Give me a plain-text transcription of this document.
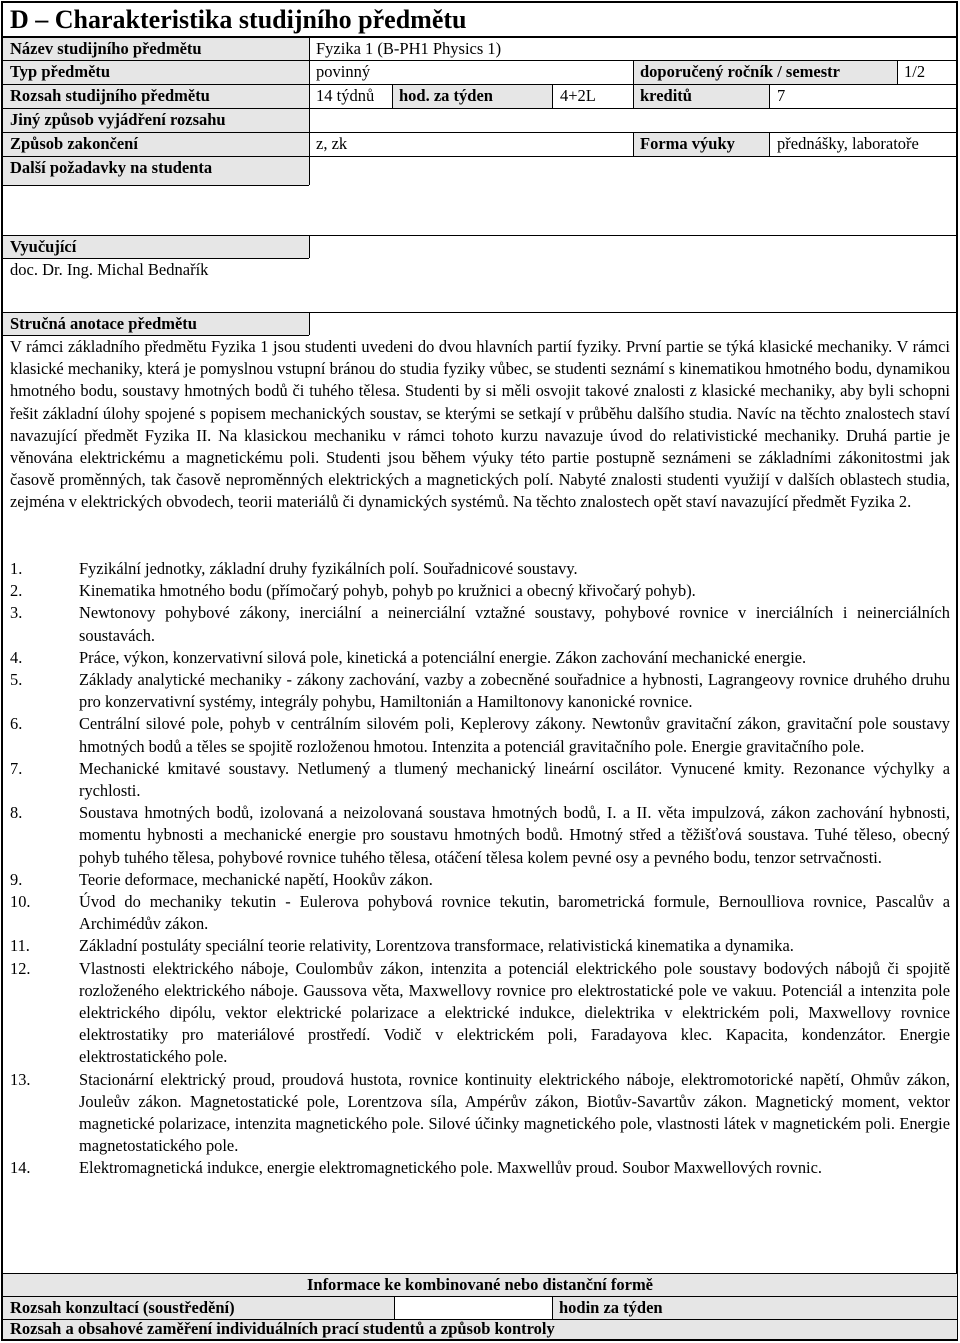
D – Charakteristika studijního předmětu
Název studijního předmětu	Fyzika 1 (B-PH1 Physics 1)
Typ předmětu	povinný	doporučený ročník / semestr	1/2
Rozsah studijního předmětu	14 týdnů hod. za týden	4+2L	kreditů	7
Jiný způsob vyjádření rozsahu
Způsob zakončení	z, zk	Forma výuky	přednášky, laboratoře
Další požadavky na studenta
Vyučující
doc. Dr. Ing. Michal Bednařík
Stručná anotace předmětu
V rámci základního předmětu Fyzika 1 jsou studenti uvedeni do dvou hlavních partií fyziky. První partie se týká klasické mechaniky. V rámci klasické mechaniky, která je pomyslnou vstupní bránou do studia fyziky vůbec, se studenti seznámí s kinematikou hmotného bodu, dynamikou hmotného bodu, soustavy hmotných bodů či tuhého tělesa. Studenti by si měli osvojit takové znalosti z klasické mechaniky, aby byli schopni řešit základní úlohy spojené s popisem mechanických soustav, se kterými se setkají v průběhu dalšího studia. Navíc na těchto znalostech staví navazující předmět Fyzika II. Na klasickou mechaniku v rámci tohoto kurzu navazuje úvod do relativistické mechaniky. Druhá partie je věnována elektrickému a magnetickému poli. Studenti jsou během výuky této partie postupně seznámeni se základními zákonitostmi jak časově proměnných, tak časově neproměnných elektrických a magnetických polí. Nabyté znalosti studenti využijí v dalších oblastech studia, zejména v elektrických obvodech, teorii materiálů či dynamických systémů. Na těchto znalostech opět staví navazující předmět Fyzika 2.
1.	Fyzikální jednotky, základní druhy fyzikálních polí. Souřadnicové soustavy.
2.	Kinematika hmotného bodu (přímočarý pohyb, pohyb po kružnici a obecný křivočarý pohyb).
3.	Newtonovy pohybové zákony, inerciální a neinerciální vztažné soustavy, pohybové rovnice v inerciálních i neinerciálních soustavách.
4.	Práce, výkon, konzervativní silová pole, kinetická a potenciální energie. Zákon zachování mechanické energie.
5.	Základy analytické mechaniky - zákony zachování, vazby a zobecněné souřadnice a hybnosti, Lagrangeovy rovnice druhého druhu pro konzervativní systémy, integrály pohybu, Hamiltonián a Hamiltonovy kanonické rovnice.
6.	Centrální silové pole, pohyb v centrálním silovém poli, Keplerovy zákony. Newtonův gravitační zákon, gravitační pole soustavy hmotných bodů a těles se spojitě rozloženou hmotou. Intenzita a potenciál gravitačního pole. Energie gravitačního pole.
7.	Mechanické kmitavé soustavy. Netlumený a tlumený mechanický lineární oscilátor. Vynucené kmity. Rezonance výchylky a rychlosti.
8.	Soustava hmotných bodů, izolovaná a neizolovaná soustava hmotných bodů, I. a II. věta impulzová, zákon zachování hybnosti, momentu hybnosti a mechanické energie pro soustavu hmotných bodů. Hmotný střed a těžišťová soustava. Tuhé těleso, obecný pohyb tuhého tělesa, pohybové rovnice tuhého tělesa, otáčení tělesa kolem pevné osy a pevného bodu, tenzor setrvačnosti.
9.	Teorie deformace, mechanické napětí, Hookův zákon.
10.	Úvod do mechaniky tekutin - Eulerova pohybová rovnice tekutin, barometrická formule, Bernoulliova rovnice, Pascalův a Archimédův zákon.
11.	Základní postuláty speciální teorie relativity, Lorentzova transformace, relativistická kinematika a dynamika.
12.	Vlastnosti elektrického náboje, Coulombův zákon, intenzita a potenciál elektrického pole soustavy bodových nábojů či spojitě rozloženého elektrického náboje. Gaussova věta, Maxwellovy rovnice pro elektrostatické pole ve vakuu. Potenciál a intenzita pole elektrického dipólu, vektor elektrické polarizace a elektrické indukce, dielektrika v elektrickém poli, Maxwellovy rovnice elektrostatiky pro materiálové prostředí. Vodič v elektrickém poli, Faradayova klec. Kapacita, kondenzátor. Energie elektrostatického pole.
13.	Stacionární elektrický proud, proudová hustota, rovnice kontinuity elektrického náboje, elektromotorické napětí, Ohmův zákon, Jouleův zákon. Magnetostatické pole, Lorentzova síla, Ampérův zákon, Biotův-Savartův zákon. Magnetický moment, vektor magnetické polarizace, intenzita magnetického pole. Silové účinky magnetického pole, vlastnosti látek v magnetickém poli. Energie magnetostatického pole.
14.	Elektromagnetická indukce, energie elektromagnetického pole. Maxwellův proud. Soubor Maxwellových rovnic.
Informace ke kombinované nebo distanční formě
Rozsah konzultací (soustředění)	hodin za týden
Rozsah a obsahové zaměření individuálních prací studentů a způsob kontroly
